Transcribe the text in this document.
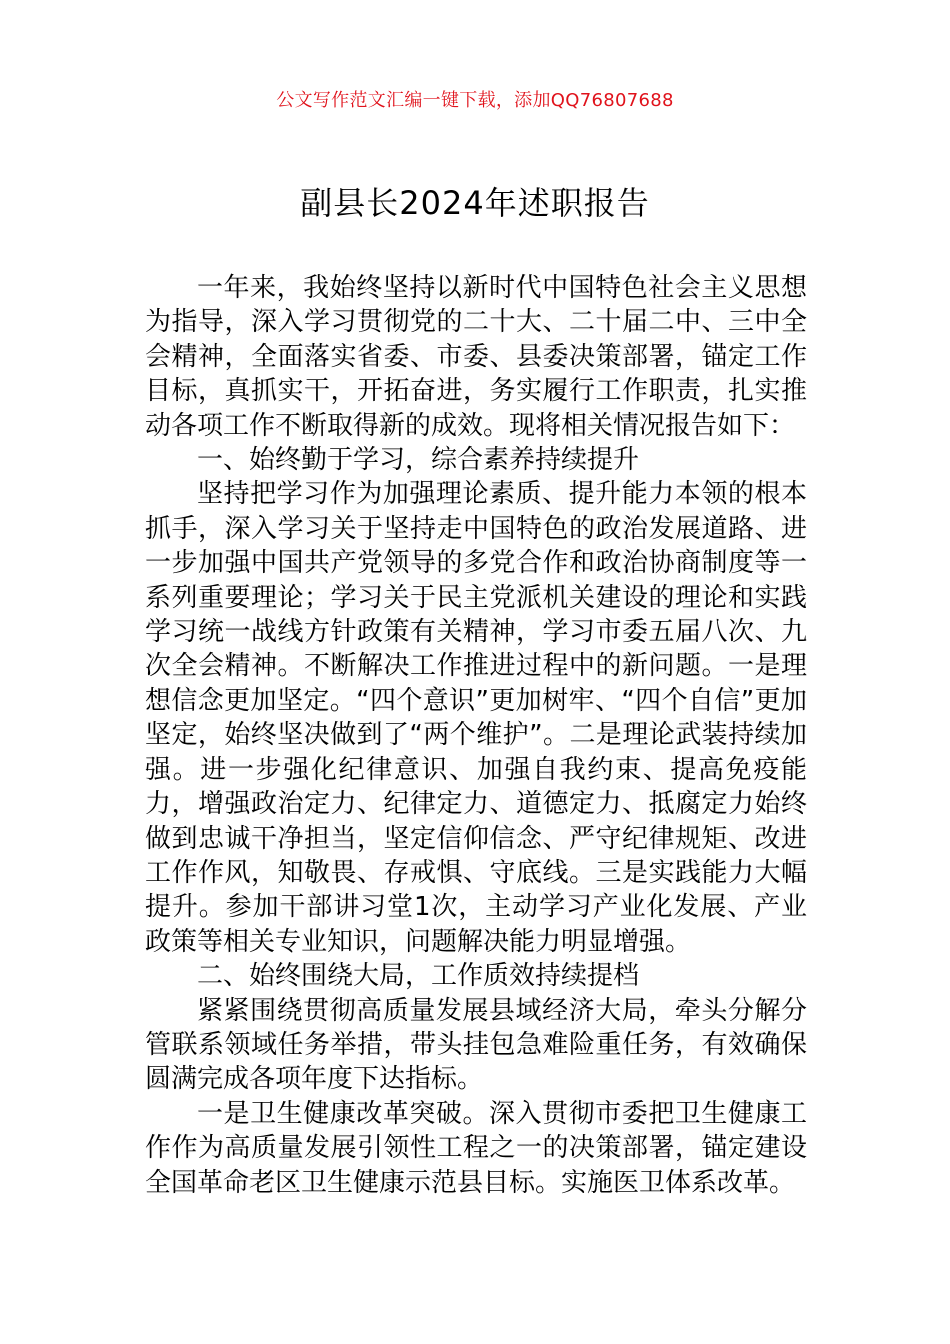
公文写作范文汇编一键下载，添加QQ76807688
副县长2024年述职报告

一年来，我始终坚持以新时代中国特色社会主义思想为指导，深入学习贯彻党的二十大、二十届二中、三中全会精神，全面落实省委、市委、县委决策部署，锚定工作目标，真抓实干，开拓奋进，务实履行工作职责，扎实推动各项工作不断取得新的成效。现将相关情况报告如下：

一、始终勤于学习，综合素养持续提升

坚持把学习作为加强理论素质、提升能力本领的根本抓手，深入学习关于坚持走中国特色的政治发展道路、进一步加强中国共产党领导的多党合作和政治协商制度等一系列重要理论；学习关于民主党派机关建设的理论和实践学习统一战线方针政策有关精神，学习市委五届八次、九次全会精神。不断解决工作推进过程中的新问题。一是理想信念更加坚定。“四个意识”更加树牢、“四个自信”更加坚定，始终坚决做到了“两个维护”。二是理论武装持续加强。进一步强化纪律意识、加强自我约束、提高免疫能力，增强政治定力、纪律定力、道德定力、抵腐定力始终做到忠诚干净担当，坚定信仰信念、严守纪律规矩、改进工作作风，知敬畏、存戒惧、守底线。三是实践能力大幅提升。参加干部讲习堂1次，主动学习产业化发展、产业政策等相关专业知识，问题解决能力明显增强。

二、始终围绕大局，工作质效持续提档

紧紧围绕贯彻高质量发展县域经济大局，牵头分解分管联系领域任务举措，带头挂包急难险重任务，有效确保圆满完成各项年度下达指标。

一是卫生健康改革突破。深入贯彻市委把卫生健康工作作为高质量发展引领性工程之一的决策部署，锚定建设全国革命老区卫生健康示范县目标。实施医卫体系改革。
